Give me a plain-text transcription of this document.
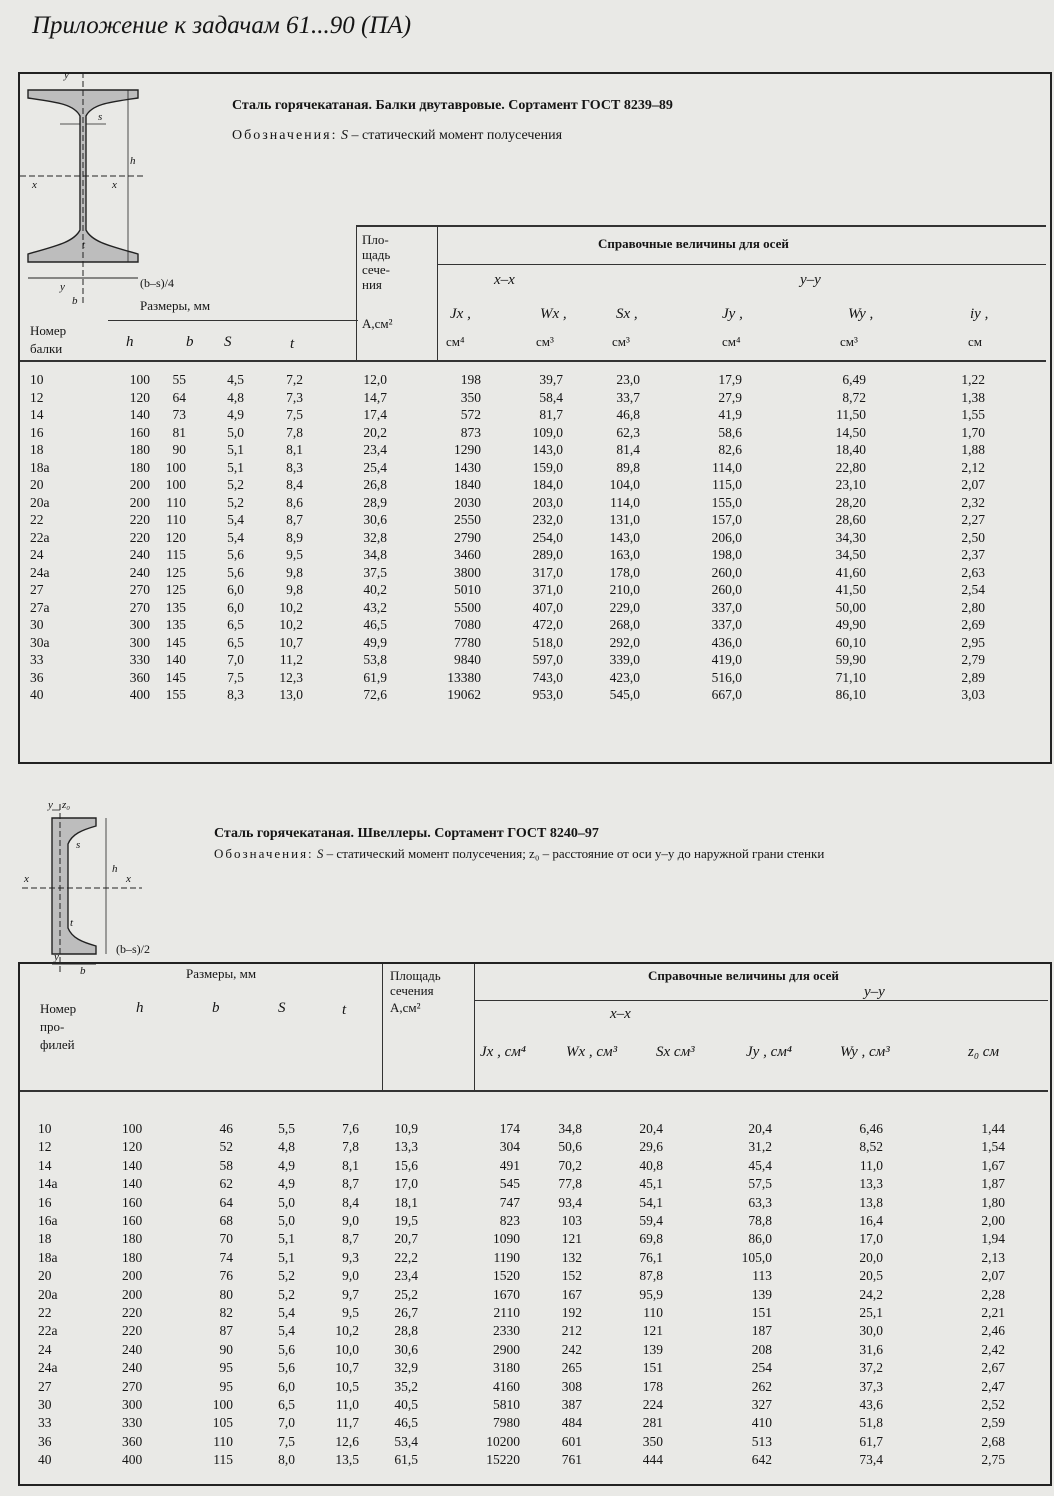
Приложение к задачам 61...90 (ПА)
y
x	x
h
s
t
y
b
(b–s)/4
Сталь горячекатаная. Балки двутавровые. Сортамент ГОСТ 8239–89
Обозначения: S – статический момент полусечения
Номер
балки
Размеры, мм
h	b S	t
Пло-
щадь
сече-
ния
А,см²
Справочные величины для осей
x–x	y–y
Jx ,
см⁴
Wx ,
см³
Sx ,
см³
Jy ,
см⁴
Wy ,
см³
iy ,
см
10	100	55	4,5	7,2	12,0	198	39,7	23,0	17,9	6,49	1,22
12	120	64	4,8	7,3	14,7	350	58,4	33,7	27,9	8,72	1,38
14	140	73	4,9	7,5	17,4	572	81,7	46,8	41,9	11,50	1,55
16	160	81	5,0	7,8	20,2	873	109,0	62,3	58,6	14,50	1,70
18	180	90	5,1	8,1	23,4	1290	143,0	81,4	82,6	18,40	1,88
18а	180	100	5,1	8,3	25,4	1430	159,0	89,8	114,0	22,80	2,12
20	200	100	5,2	8,4	26,8	1840	184,0	104,0	115,0	23,10	2,07
20а	200	110	5,2	8,6	28,9	2030	203,0	114,0	155,0	28,20	2,32
22	220	110	5,4	8,7	30,6	2550	232,0	131,0	157,0	28,60	2,27
22а	220	120	5,4	8,9	32,8	2790	254,0	143,0	206,0	34,30	2,50
24	240	115	5,6	9,5	34,8	3460	289,0	163,0	198,0	34,50	2,37
24а	240	125	5,6	9,8	37,5	3800	317,0	178,0	260,0	41,60	2,63
27	270	125	6,0	9,8	40,2	5010	371,0	210,0	260,0	41,50	2,54
27а	270	135	6,0	10,2	43,2	5500	407,0	229,0	337,0	50,00	2,80
30	300	135	6,5	10,2	46,5	7080	472,0	268,0	337,0	49,90	2,69
30а	300	145	6,5	10,7	49,9	7780	518,0	292,0	436,0	60,10	2,95
33	330	140	7,0	11,2	53,8	9840	597,0	339,0	419,0	59,90	2,79
36	360	145	7,5	12,3	61,9	13380	743,0	423,0	516,0	71,10	2,89
40	400	155	8,3	13,0	72,6	19062	953,0	545,0	667,0	86,10	3,03
z₀
y
x	x
h
s
t
y
b
(b–s)/2
Сталь горячекатаная. Швеллеры. Сортамент ГОСТ 8240–97
Обозначения: S – статический момент полусечения; z₀ – расстояние от оси y–y до наружной грани стенки
Номер
про-
филей
Размеры, мм
h	b	S	t
Площадь
сечения
А,см²
Справочные величины для осей
x–x
y–y
Jx , см⁴	Wx , см³	Sx см³	Jy , см⁴	Wy , см³	z₀ см
10	100	46	5,5	7,6	10,9	174	34,8	20,4	20,4	6,46	1,44
12	120	52	4,8	7,8	13,3	304	50,6	29,6	31,2	8,52	1,54
14	140	58	4,9	8,1	15,6	491	70,2	40,8	45,4	11,0	1,67
14а	140	62	4,9	8,7	17,0	545	77,8	45,1	57,5	13,3	1,87
16	160	64	5,0	8,4	18,1	747	93,4	54,1	63,3	13,8	1,80
16а	160	68	5,0	9,0	19,5	823	103	59,4	78,8	16,4	2,00
18	180	70	5,1	8,7	20,7	1090	121	69,8	86,0	17,0	1,94
18а	180	74	5,1	9,3	22,2	1190	132	76,1	105,0	20,0	2,13
20	200	76	5,2	9,0	23,4	1520	152	87,8	113	20,5	2,07
20а	200	80	5,2	9,7	25,2	1670	167	95,9	139	24,2	2,28
22	220	82	5,4	9,5	26,7	2110	192	110	151	25,1	2,21
22а	220	87	5,4	10,2	28,8	2330	212	121	187	30,0	2,46
24	240	90	5,6	10,0	30,6	2900	242	139	208	31,6	2,42
24а	240	95	5,6	10,7	32,9	3180	265	151	254	37,2	2,67
27	270	95	6,0	10,5	35,2	4160	308	178	262	37,3	2,47
30	300	100	6,5	11,0	40,5	5810	387	224	327	43,6	2,52
33	330	105	7,0	11,7	46,5	7980	484	281	410	51,8	2,59
36	360	110	7,5	12,6	53,4	10200	601	350	513	61,7	2,68
40	400	115	8,0	13,5	61,5	15220	761	444	642	73,4	2,75
